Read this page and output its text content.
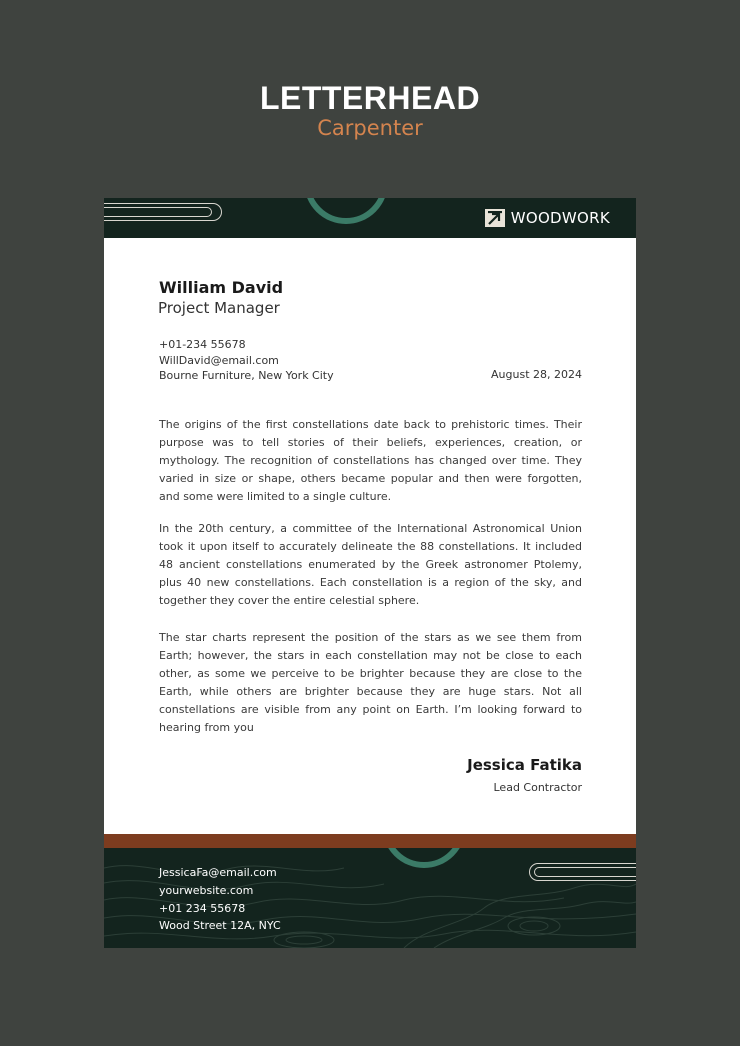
LETTERHEAD
Carpenter
WOODWORK
William David
Project Manager
+01-234 55678
WillDavid@email.com
Bourne Furniture, New York City	August 28, 2024
The origins of the first constellations date back to prehistoric times. Their purpose was to tell stories of their beliefs, experiences, creation, or mythology. The recognition of constellations has changed over time. They varied in size or shape, others became popular and then were forgotten, and some were limited to a single culture.
In the 20th century, a committee of the International Astronomical Union took it upon itself to accurately delineate the 88 constellations. It included 48 ancient constellations enumerated by the Greek astronomer Ptolemy, plus 40 new constellations. Each constellation is a region of the sky, and together they cover the entire celestial sphere.
The star charts represent the position of the stars as we see them from Earth; however, the stars in each constellation may not be close to each other, as some we perceive to be brighter because they are close to the Earth, while others are brighter because they are huge stars. Not all constellations are visible from any point on Earth. I’m looking forward to hearing from you
Jessica Fatika
Lead Contractor
JessicaFa@email.com
yourwebsite.com
+01 234 55678
Wood Street 12A, NYC
